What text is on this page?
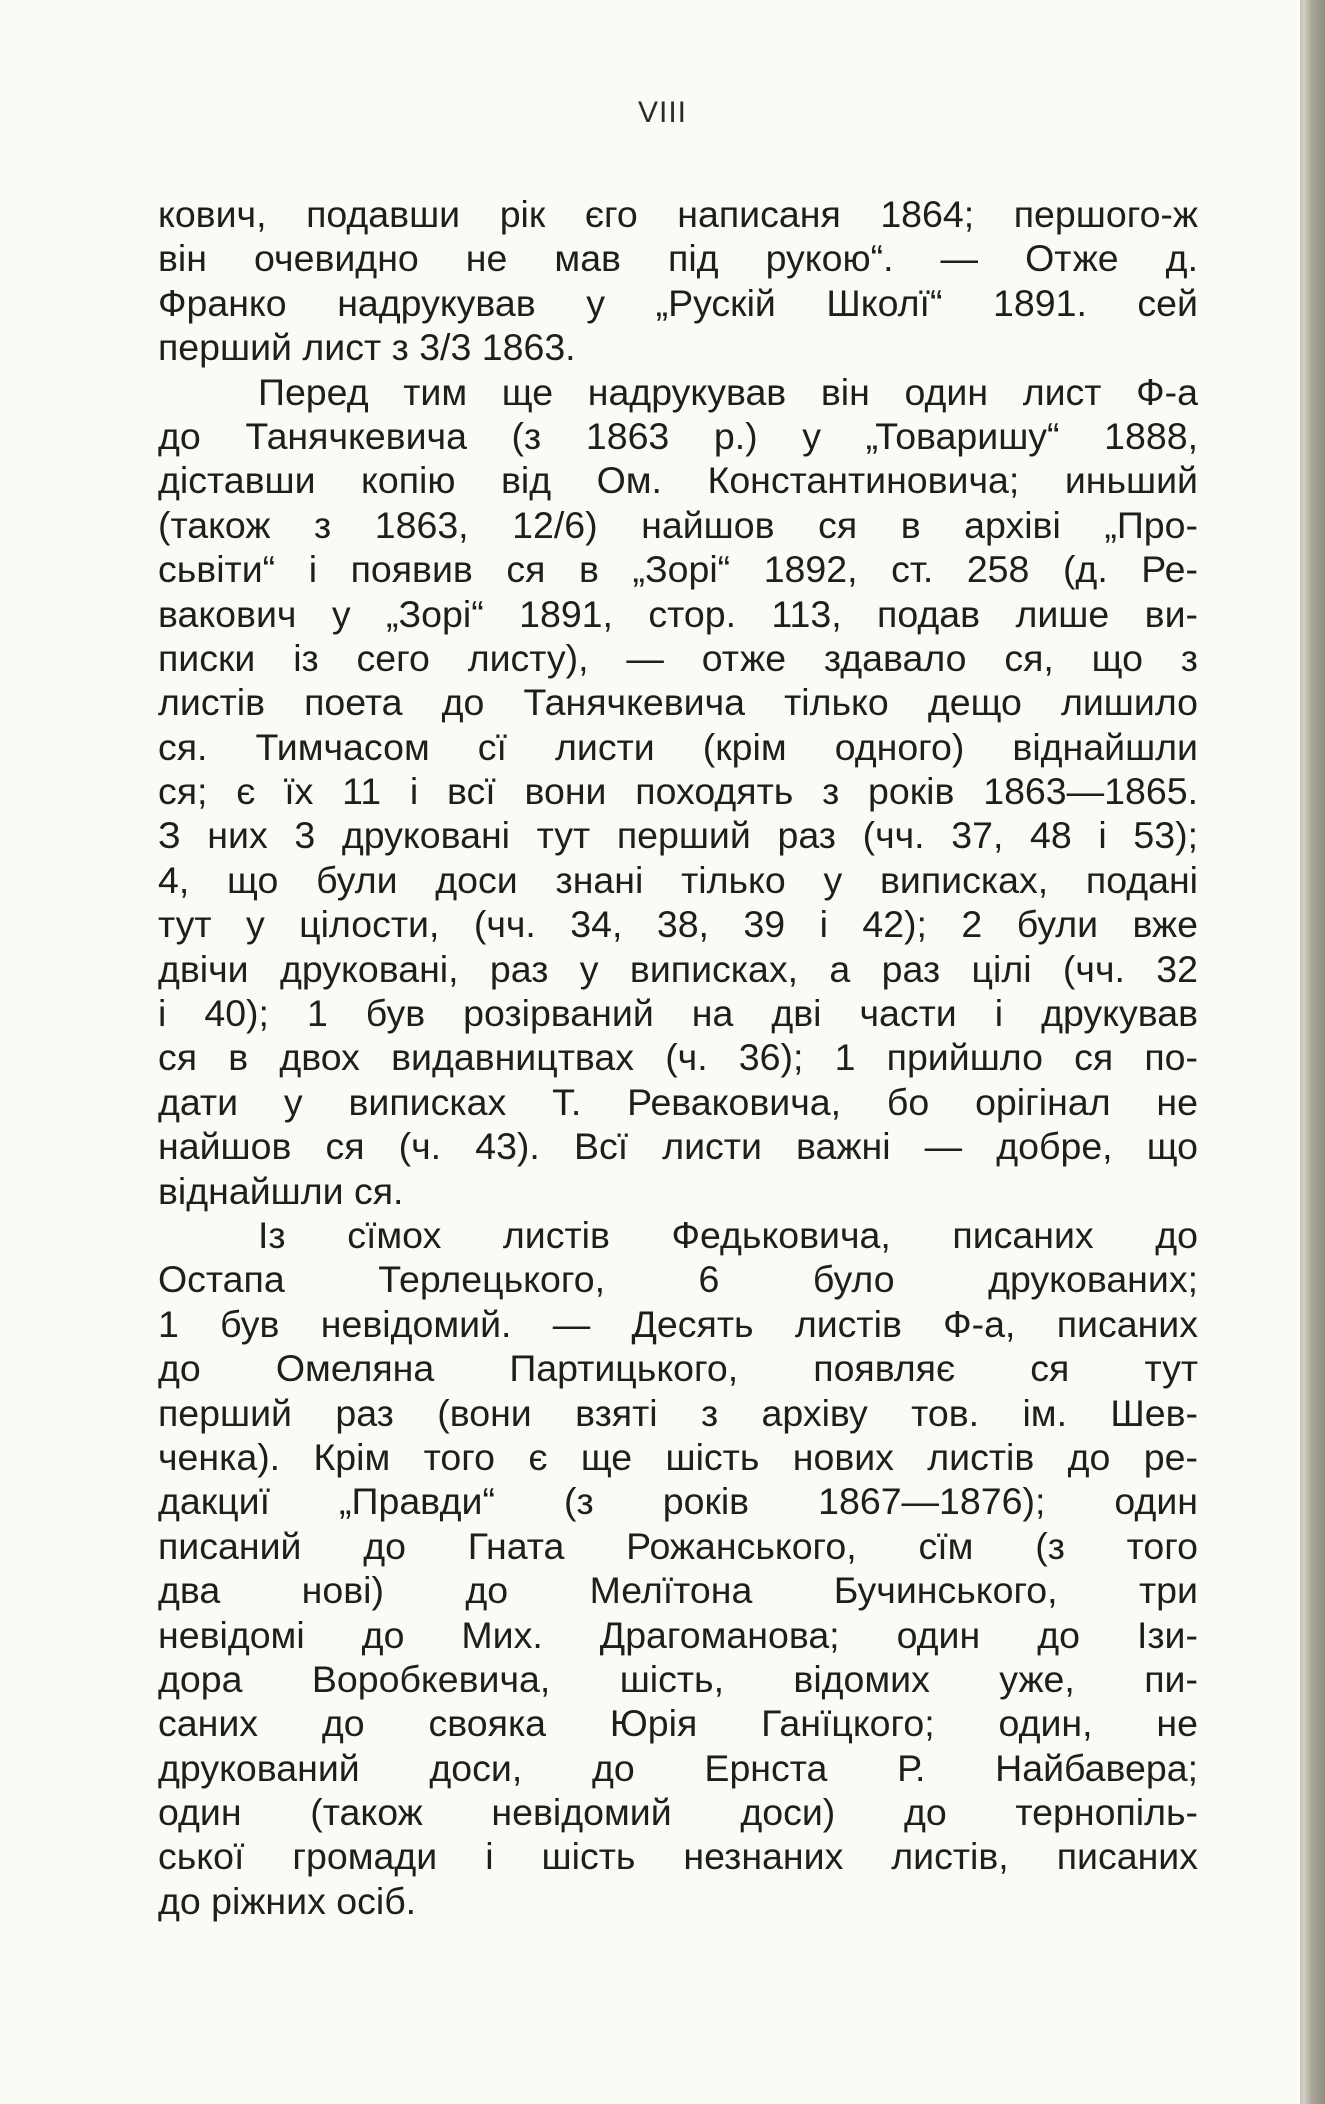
VIII
кович, подавши рік єго написаня 1864; першого-ж
він очевидно не мав під рукою“. — Отже д.
Франко надрукував у „Рускій Школї“ 1891. сей
перший лист з 3/3 1863.
Перед тим ще надрукував він один лист Ф-а
до Танячкевича (з 1863 р.) у „Товаришу“ 1888,
діставши копію від Ом. Константиновича; иньший
(також з 1863, 12/6) найшов ся в архіві „Про-
сьвіти“ і появив ся в „Зорі“ 1892, ст. 258 (д. Ре-
вакович у „Зорі“ 1891, стор. 113, подав лише ви-
писки із сего листу), — отже здавало ся, що з
листів поета до Танячкевича тілько дещо лишило
ся. Тимчасом сї листи (крім одного) віднайшли
ся; є їх 11 і всї вони походять з років 1863—1865.
З них 3 друковані тут перший раз (чч. 37, 48 і 53);
4, що були доси знані тілько у виписках, подані
тут у цілости, (чч. 34, 38, 39 і 42); 2 були вже
двічи друковані, раз у виписках, а раз цілі (чч. 32
і 40); 1 був розірваний на дві части і друкував
ся в двох видавництвах (ч. 36); 1 прийшло ся по-
дати у виписках Т. Реваковича, бо орігінал не
найшов ся (ч. 43). Всї листи важні — добре, що
віднайшли ся.
Із сїмох листів Федьковича, писаних до
Остапа Терлецького, 6 було друкованих;
1 був невідомий. — Десять листів Ф-а, писаних
до Омеляна Партицького, появляє ся тут
перший раз (вони взяті з архіву тов. ім. Шев-
ченка). Крім того є ще шість нових листів до ре-
дакциї „Правди“ (з років 1867—1876); один
писаний до Гната Рожанського, сїм (з того
два нові) до Мелїтона Бучинського, три
невідомі до Мих. Драгоманова; один до Ізи-
дора Воробкевича, шість, відомих уже, пи-
саних до свояка Юрія Ганїцкого; один, не
друкований доси, до Ернста Р. Найбавера;
один (також невідомий доси) до тернопіль-
ської громади і шість незнаних листів, писаних
до ріжних осіб.
